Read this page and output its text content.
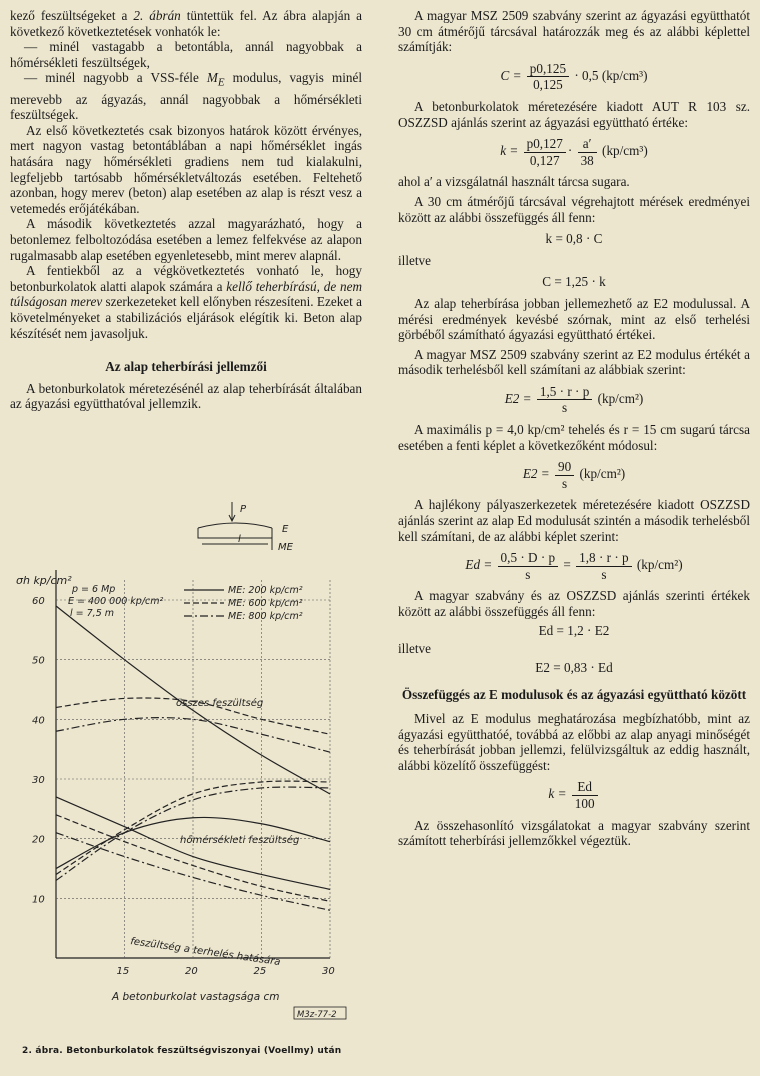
kező feszültségeket a 2. ábrán tüntettük fel. Az ábra alapján a következő következtetések vonhatók le:

— minél vastagabb a betontábla, annál nagyobbak a hőmérsékleti feszültségek,

— minél nagyobb a VSS-féle $M_E$ modulus, vagyis minél merevebb az ágyazás, annál nagyobbak a hőmérsékleti feszültségek.

Az első következtetés csak bizonyos határok között érvényes, mert nagyon vastag betontáblában a napi hőmérséklet ingás hatására nagy hőmérsékleti gradiens nem tud kialakulni, legfeljebb tartósabb hőmérsékletváltozás esetében. Feltehető azonban, hogy merev (beton) alap esetében az alap is részt vesz a vetemedés erőjátékában.

A második következtetés azzal magyarázható, hogy a betonlemez felboltozódása esetében a lemez felfekvése az alapon rugalmasabb alap esetében egyenletesebb, mint merev alapnál.

A fentiekből az a végkövetkeztetés vonható le, hogy betonburkolatok alatti alapok számára a kellő teherbírású, de nem túlságosan merev szerkezeteket kell előnyben részesíteni. Ezeket a követelményeket a stabilizációs eljárások elégítik ki. Beton alap készítését nem javasoljuk.

Az alap teherbírási jellemzői

A betonburkolatok méretezésénél az alap teherbírását általában az ágyazási együtthatóval jellemzik.

P
E
l
ME
10
20
30
40
50
60
15	20	25	30
σh kp/cm²
p = 6 Mp
E = 400 000 kp/cm²
l = 7,5 m
ME: 200 kp/cm²
ME: 600 kp/cm²
ME: 800 kp/cm²
összes feszültség
hőmérsékleti feszültség
feszültség a terhelés hatására
A betonburkolat vastagsága cm
M3z-77-2
2. ábra. Betonburkolatok feszültségviszonyai (Voellmy) után

A magyar MSZ 2509 szabvány szerint az ágyazási együtthatót 30 cm átmérőjű tárcsával határozzák meg és az alábbi képlettel számítják:

$C = \frac{p0,125}{0,125} \cdot 0,5$ (kp/cm³)

A betonburkolatok méretezésére kiadott AUT R 103 sz. OSZZSD ajánlás szerint az ágyazási együttható értéke:

$k = \frac{p0,127}{0,127} \cdot \frac{a'}{38} (kp/cm^3)$

ahol a′ a vizsgálatnál használt tárcsa sugara.

A 30 cm átmérőjű tárcsával végrehajtott mérések eredményei között az alábbi összefüggés áll fenn:

k = 0,8 · C

illetve

C = 1,25 · k

Az alap teherbírása jobban jellemezhető az E2 modulussal. A mérési eredmények kevésbé szórnak, mint az első terhelési görbéből számítható ágyazási együttható értékei.

A magyar MSZ 2509 szabvány szerint az E2 modulus értékét a második terhelésből kell számítani az alábbiak szerint:

$E2 = \frac{1,5 \cdot r \cdot p}{s} (kp/cm^2)$

A maximális p = 4,0 kp/cm² tehelés és r = 15 cm sugarú tárcsa esetében a fenti képlet a következőként módosul:

$E2 = \frac{90}{s} (kp/cm^2)$

A hajlékony pályaszerkezetek méretezésére kiadott OSZZSD ajánlás szerint az alap Ed modulusát szintén a második terhelésből kell számítani, de az alábbi képlet szerint:

$Ed = \frac{0,5 \cdot D \cdot p}{s} = \frac{1,8 \cdot r \cdot p}{s} (kp/cm^2)$

A magyar szabvány és az OSZZSD ajánlás szerinti értékek között az alábbi összefüggés áll fenn:

Ed = 1,2 · E2

illetve

E2 = 0,83 · Ed
Összefüggés az E modulusok és az ágyazási együttható között

Mivel az E modulus meghatározása megbízhatóbb, mint az ágyazási együtthatóé, továbbá az előbbi az alap anyagi minőségét és teherbírását jobban jellemzi, felülvizsgáltuk az eddig használt, alábbi közelítő összefüggést:

$k = \frac{Ed}{100}$

Az összehasonlító vizsgálatokat a magyar szabvány szerint számított teherbírási jellemzőkkel végeztük.
